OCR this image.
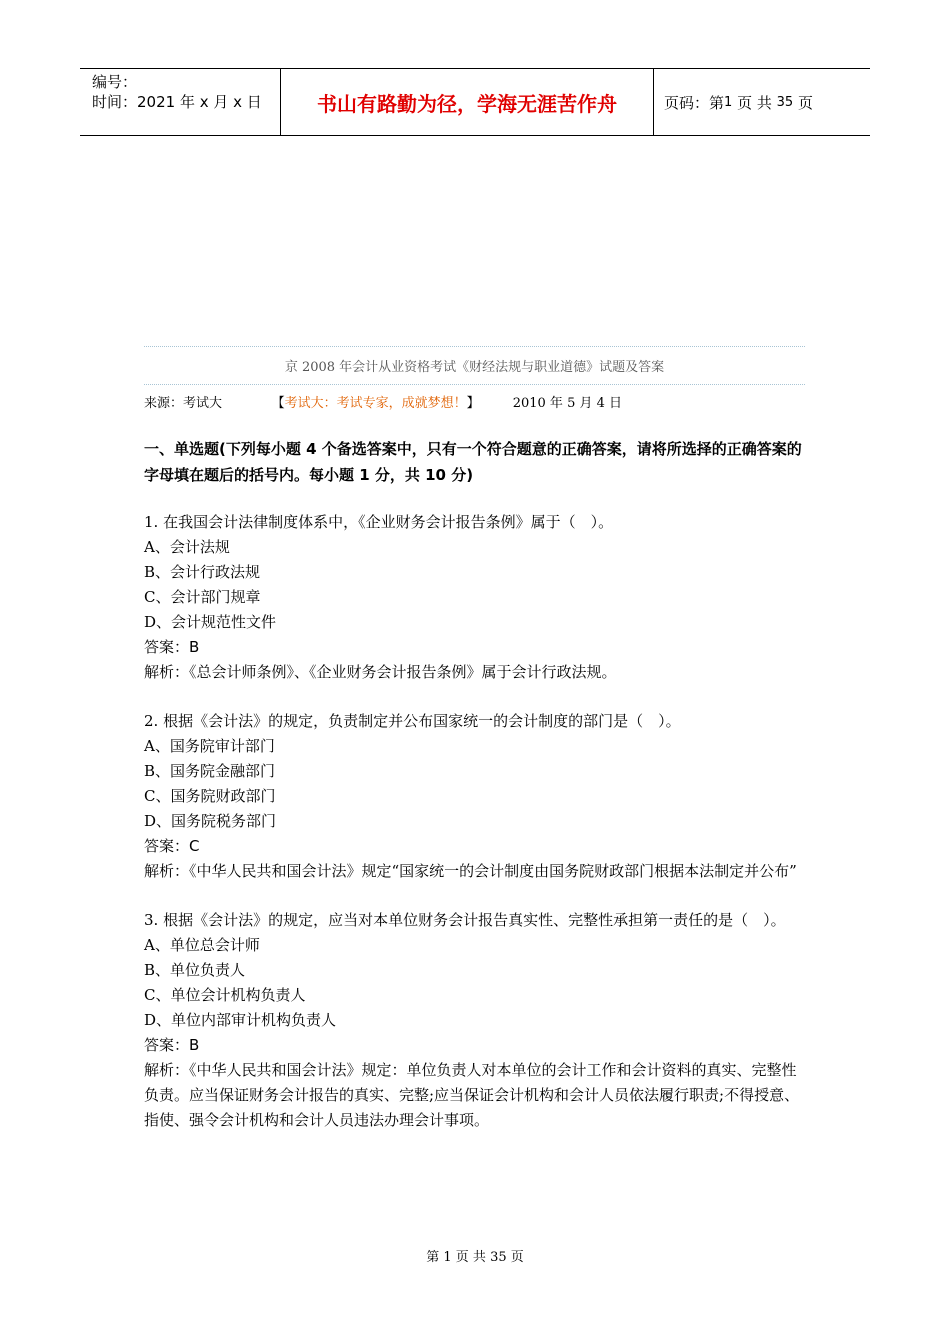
编号：
时间：2021 年 x 月 x 日	书山有路勤为径，学海无涯苦作舟	页码：第 1
页 共
35
页
京 2008 年会计从业资格考试《财经法规与职业道德》试题及答案
来源：考试大	【考试大：考试专家，成就梦想！】	2010 年 5 月 4 日

一、单选题(下列每小题 4 个备选答案中，只有一个符合题意的正确答案，请将所选择的正确答案的字母填在题后的括号内。每小题 1 分，共 10 分)

1. 在我国会计法律制度体系中，《企业财务会计报告条例》属于（　）。

A、会计法规

B、会计行政法规

C、会计部门规章

D、会计规范性文件

答案：B

解析：《总会计师条例》、《企业财务会计报告条例》属于会计行政法规。

2. 根据《会计法》的规定，负责制定并公布国家统一的会计制度的部门是（　）。

A、国务院审计部门

B、国务院金融部门

C、国务院财政部门

D、国务院税务部门

答案：C

解析：《中华人民共和国会计法》规定“国家统一的会计制度由国务院财政部门根据本法制定并公布”

3. 根据《会计法》的规定，应当对本单位财务会计报告真实性、完整性承担第一责任的是（　）。

A、单位总会计师

B、单位负责人

C、单位会计机构负责人

D、单位内部审计机构负责人

答案：B

解析：《中华人民共和国会计法》规定：单位负责人对本单位的会计工作和会计资料的真实、完整性负责。应当保证财务会计报告的真实、完整;应当保证会计机构和会计人员依法履行职责;不得授意、指使、强令会计机构和会计人员违法办理会计事项。

第 1 页 共 35 页
